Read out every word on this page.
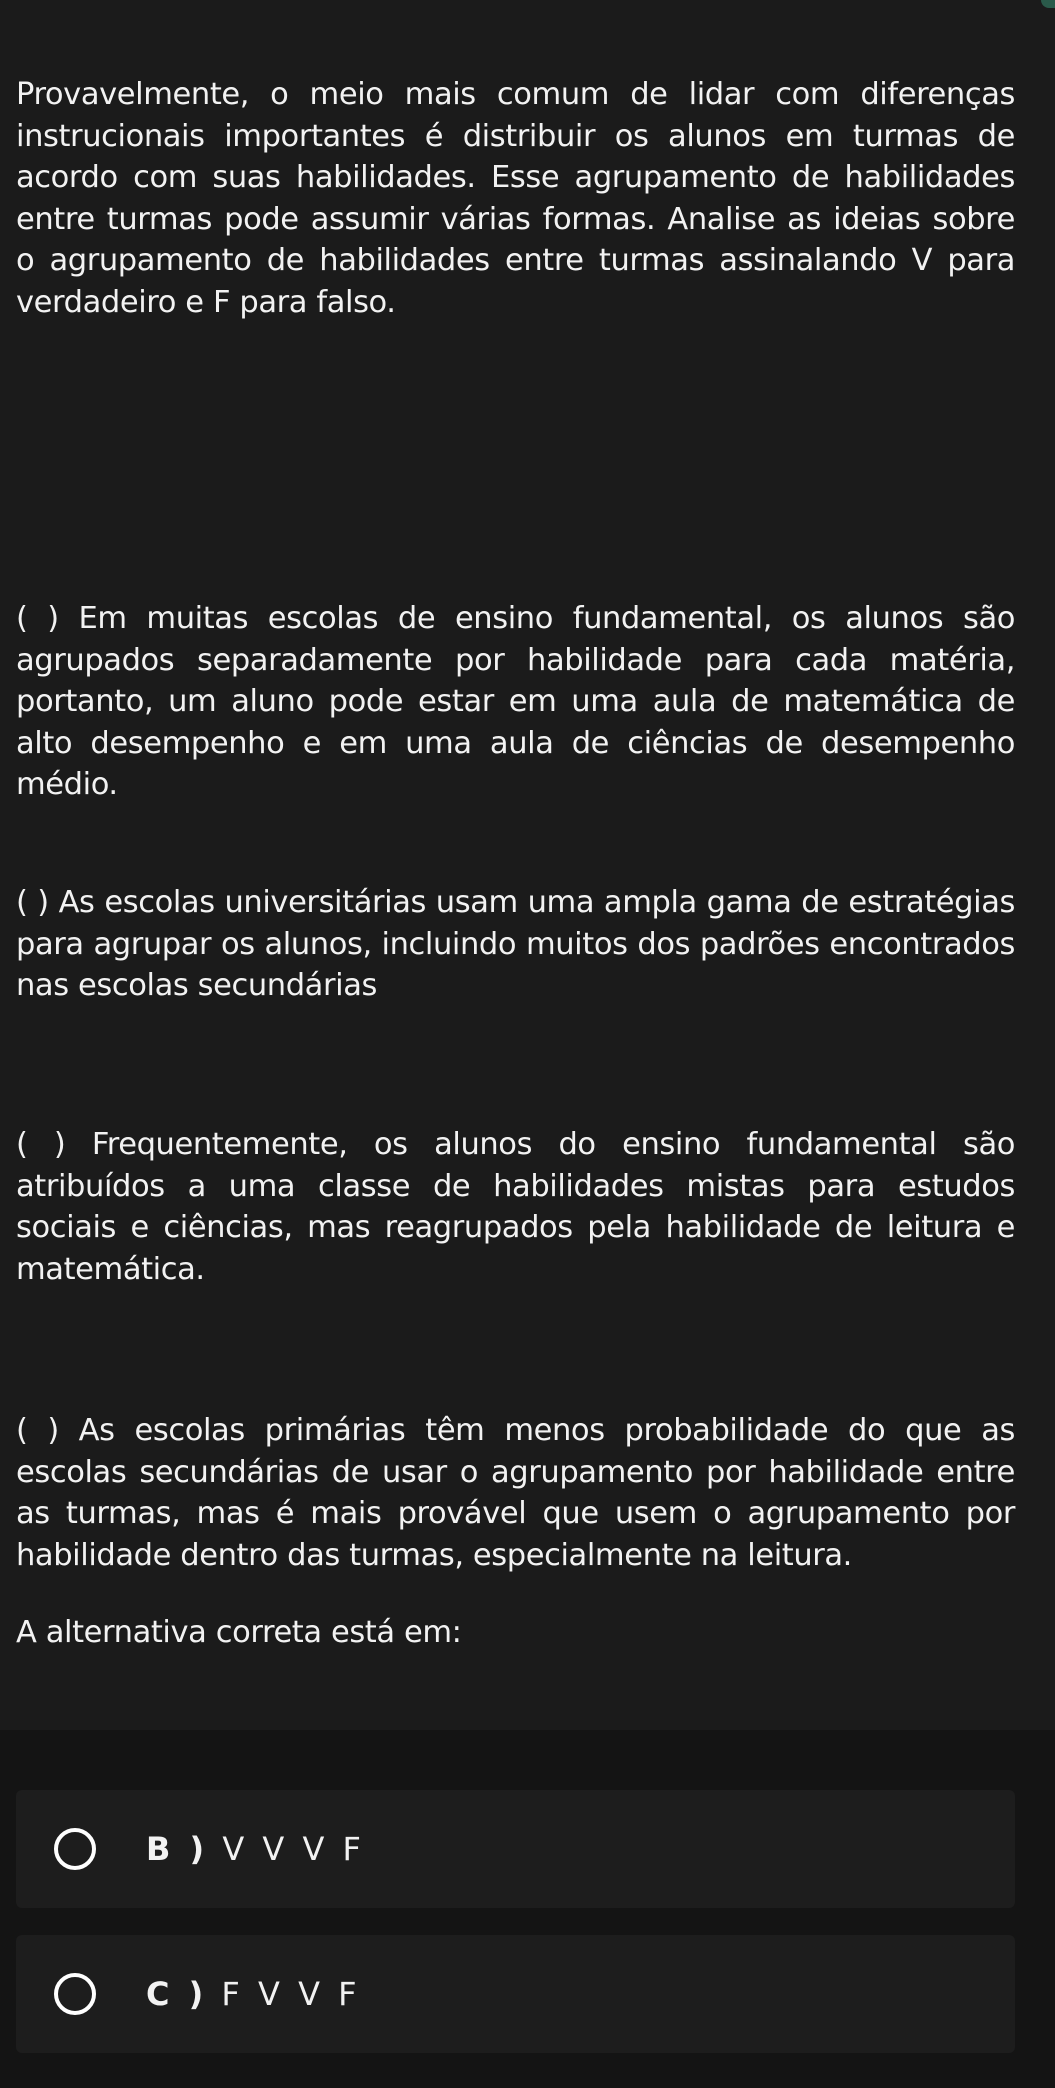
Provavelmente, o meio mais comum de lidar com diferenças instrucionais importantes é distribuir os alunos em turmas de acordo com suas habilidades. Esse agrupamento de habilidades entre turmas pode assumir várias formas. Analise as ideias sobre o agrupamento de habilidades entre turmas assinalando V para verdadeiro e F para falso.

( ) Em muitas escolas de ensino fundamental, os alunos são agrupados separadamente por habilidade para cada matéria, portanto, um aluno pode estar em uma aula de matemática de alto desempenho e em uma aula de ciências de desempenho médio.

( ) As escolas universitárias usam uma ampla gama de estratégias para agrupar os alunos, incluindo muitos dos padrões encontrados nas escolas secundárias

( ) Frequentemente, os alunos do ensino fundamental são atribuídos a uma classe de habilidades mistas para estudos sociais e ciências, mas reagrupados pela habilidade de leitura e matemática.

( ) As escolas primárias têm menos probabilidade do que as escolas secundárias de usar o agrupamento por habilidade entre as turmas, mas é mais provável que usem o agrupamento por habilidade dentro das turmas, especialmente na leitura.

A alternativa correta está em:

B ) V V V F
C ) F V V F
